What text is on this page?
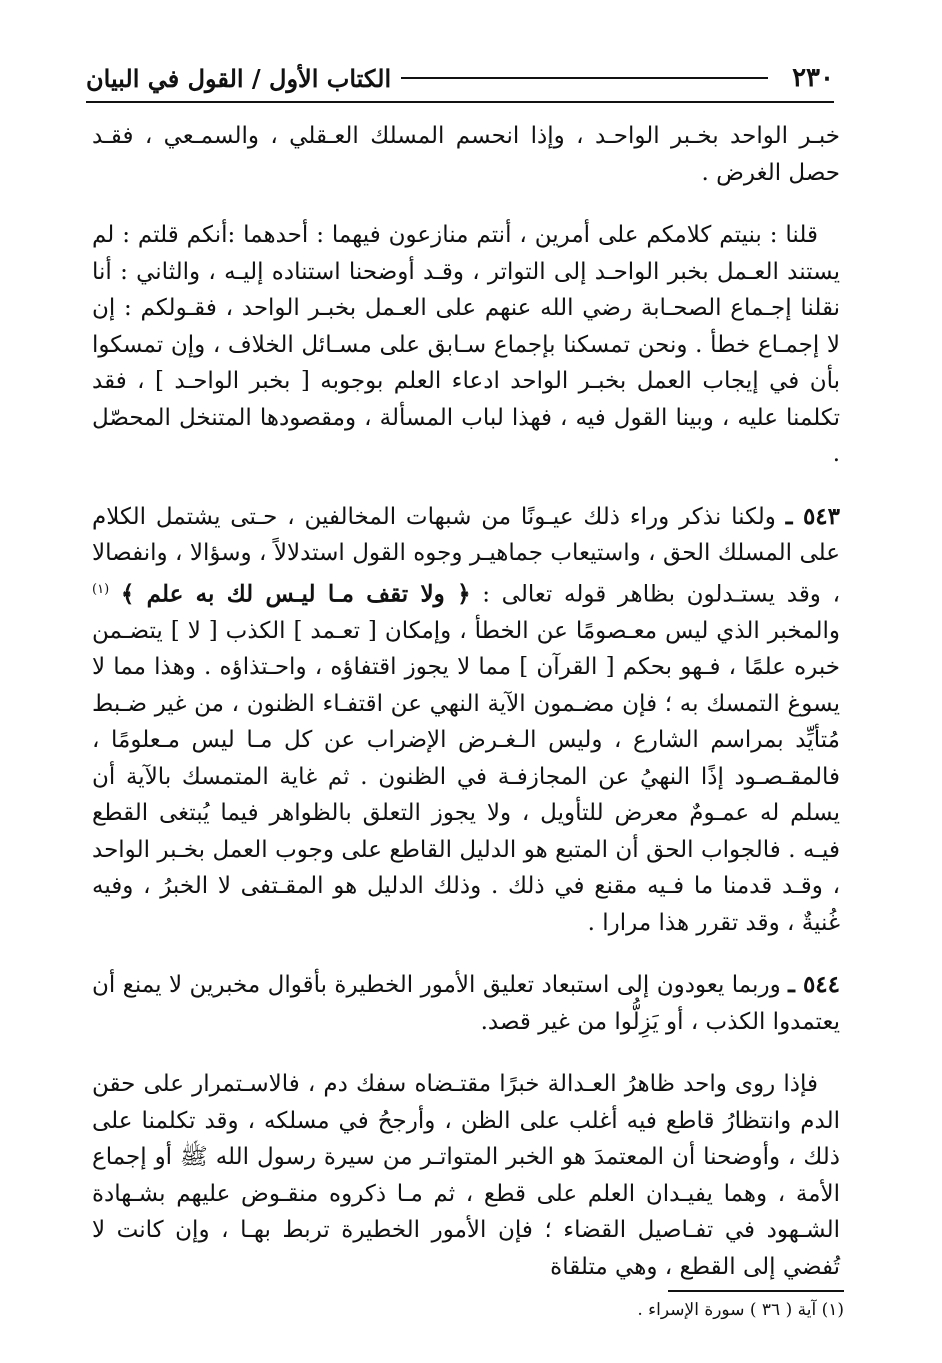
٢٣٠
الكتاب الأول / القول في البيان

خبـر الواحد بخـبر الواحـد ، وإذا انحسم المسلك العـقلي ، والسمـعي ، فقـد حصل الغرض .

قلنا : بنيتم كلامكم على أمرين ، أنتم منازعون فيهما : أحدهما :أنكم قلتم : لم يستند العـمل بخبر الواحـد إلى التواتر ، وقـد أوضحنا استناده إليـه ، والثاني : أنا نقلنا إجـماع الصحـابة رضي الله عنهم على العـمل بخبـر الواحد ، فقـولكم : إن لا إجمـاع خطأ . ونحن تمسكنا بإجماع سـابق على مسـائل الخلاف ، وإن تمسكوا بأن في إيجاب العمل بخبـر الواحد ادعاء العلم بوجوبه [ بخبر الواحـد ] ، فقد تكلمنا عليه ، وبينا القول فيه ، فهذا لباب المسألة ، ومقصودها المتنخل المحصّل .

٥٤٣ ـ ولكنا نذكر وراء ذلك عيـونًا من شبهات المخالفين ، حـتى يشتمل الكلام على المسلك الحق ، واستيعاب جماهيـر وجوه القول استدلالاً ، وسؤالا ، وانفصالا ، وقد يستـدلون بظاهر قوله تعالى : ﴿ ولا تقف مـا ليـس لك به علم ﴾ $^{(١)}$ والمخبر الذي ليس معـصومًا عن الخطأ ، وإمكان [ تعـمد ] الكذب [ لا ] يتضـمن خبره علمًا ، فـهو بحكم [ القرآن ] مما لا يجوز اقتفاؤه ، واحـتذاؤه . وهذا مما لا يسوغ التمسك به ؛ فإن مضـمون الآية النهي عن اقتفـاء الظنون ، من غير ضـبط مُتأيِّد بمراسم الشارع ، وليس الـغـرض الإضراب عن كل مـا ليس مـعلومًا ، فالمقـصـود إذًا النهيُ عن المجازفـة في الظنون . ثم غاية المتمسك بالآية أن يسلم له عمـومٌ معرض للتأويل ، ولا يجوز التعلق بالظواهر فيما يُبتغى القطع فيـه . فالجواب الحق أن المتبع هو الدليل القاطع على وجوب العمل بخـبر الواحد ، وقـد قدمنا ما فـيه مقنع في ذلك . وذلك الدليل هو المقـتفى لا الخبرُ ، وفيه غُنيةٌ ، وقد تقرر هذا مرارا .

٥٤٤ ـ وربما يعودون إلى استبعاد تعليق الأمور الخطيرة بأقوال مخبرين لا يمنع أن يعتمدوا الكذب ، أو يَزِلُّوا من غير قصد.

فإذا روى واحد ظاهرُ العـدالة خبرًا مقتـضاه سفك دم ، فالاسـتمرار على حقن الدم وانتظارُ قاطع فيه أغلب على الظن ، وأرجحُ في مسلكه ، وقد تكلمنا على ذلك ، وأوضحنا أن المعتمدَ هو الخبر المتواتـر من سيرة رسول الله ﷺ أو إجماع الأمة ، وهما يفيـدان العلم على قطع ، ثم مـا ذكروه منقـوض عليهم بشـهادة الشـهود في تفـاصيل القضاء ؛ فإن الأمور الخطيرة تربط بهـا ، وإن كانت لا تُفضي إلى القطع ، وهي متلقاة

(١) آية ( ٣٦ ) سورة الإسراء .
